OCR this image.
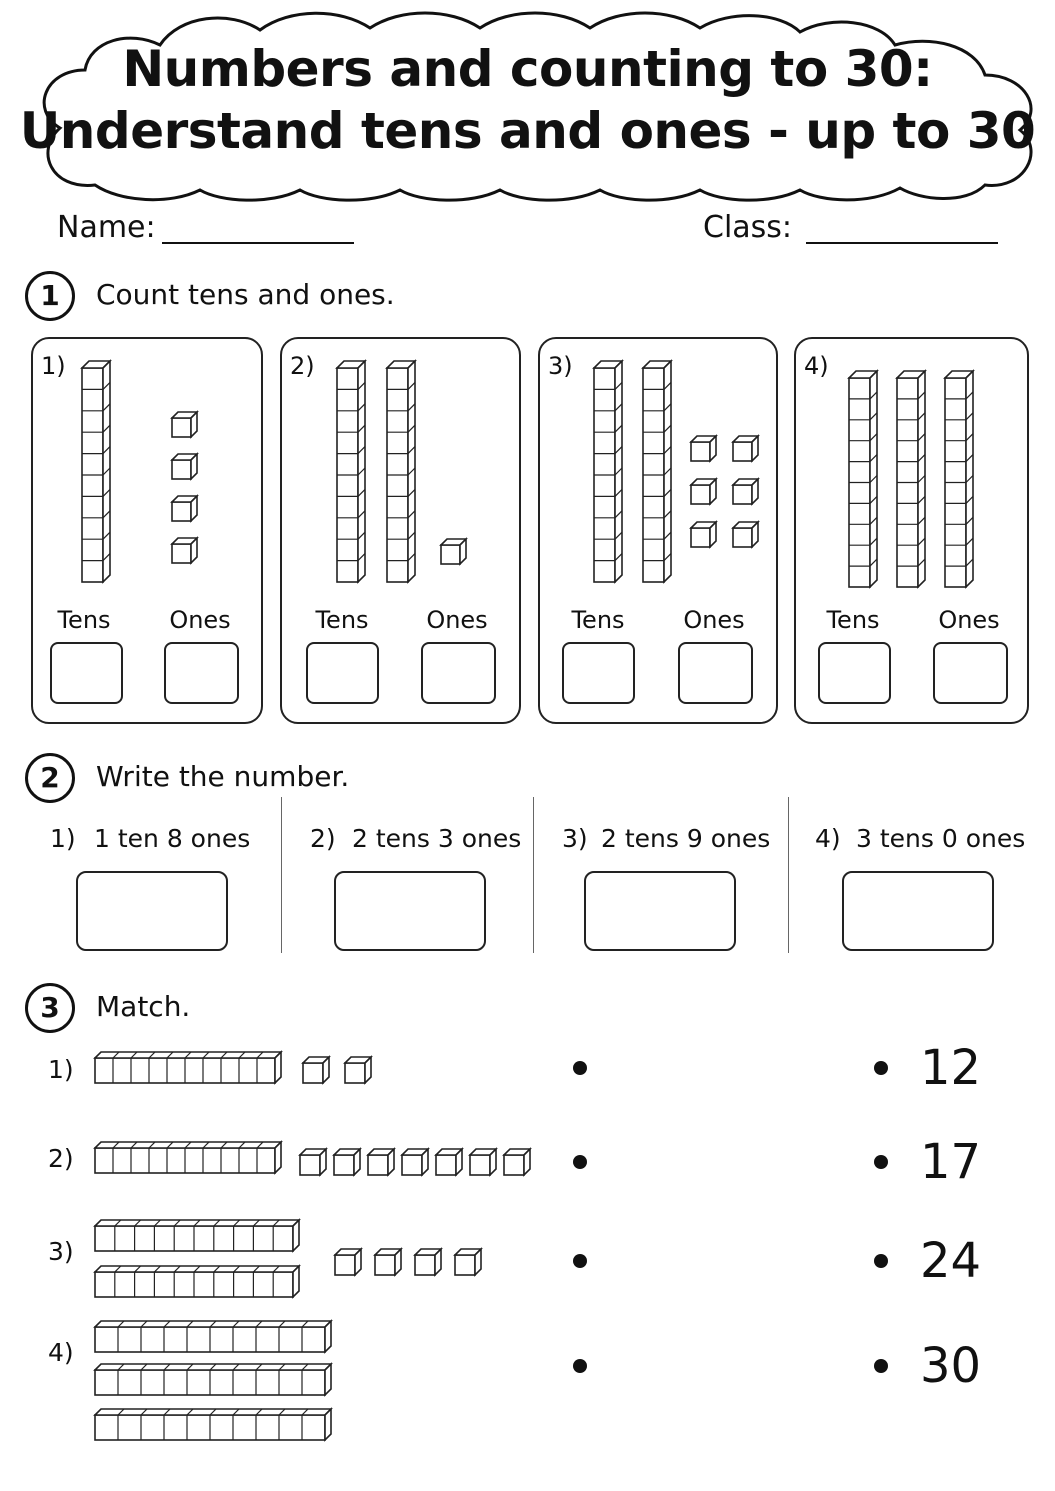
Numbers and counting to 30:
Understand tens and ones - up to 30
Name:	Class:
1	Count tens and ones.
1)	2)	3)	4)
Tens	Ones	Tens	Ones	Tens	Ones	Tens	Ones
2	Write the number.
1) 1 ten 8 ones 2) 2 tens 3 ones 3) 2 tens 9 ones 4) 3 tens 0 ones
3	Match.
1)
2)
3)
4)
12
17
24
30
